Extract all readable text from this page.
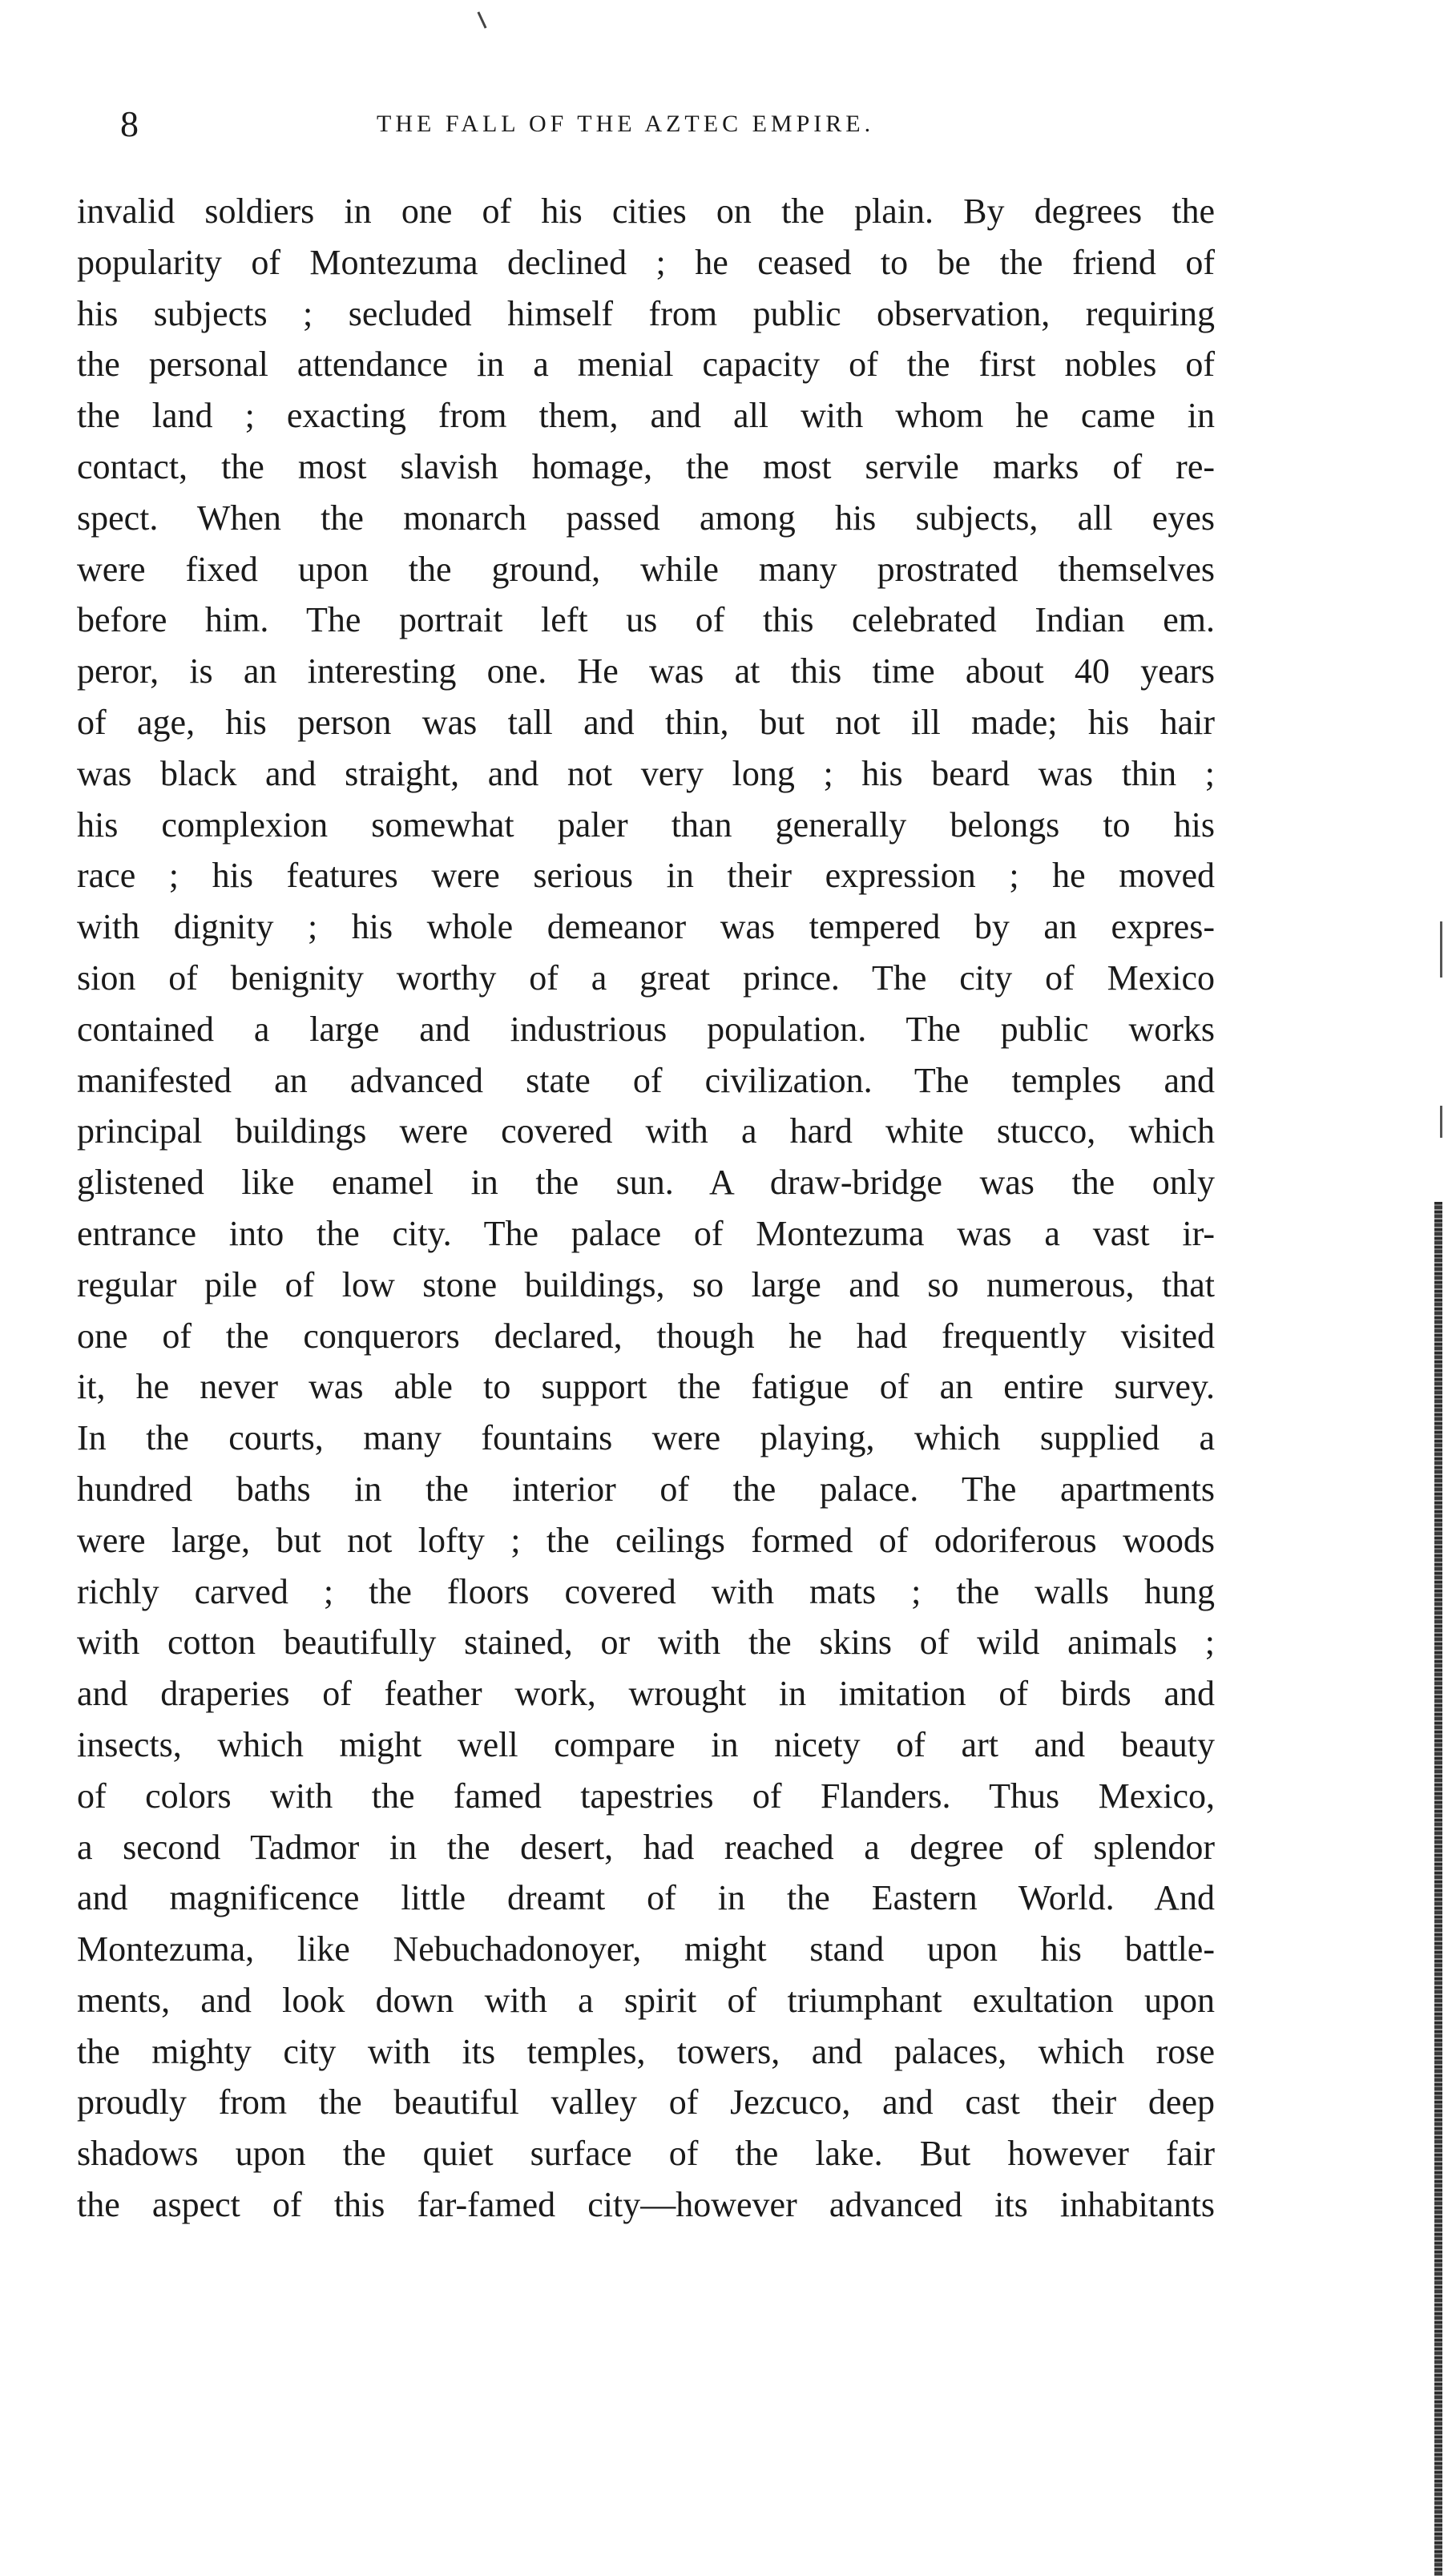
8	THE FALL OF THE AZTEC EMPIRE.
invalid soldiers in one of his cities on the plain. By degrees the
popularity of Montezuma declined ; he ceased to be the friend of
his subjects ; secluded himself from public observation, requiring
the personal attendance in a menial capacity of the first nobles of
the land ; exacting from them, and all with whom he came in
contact, the most slavish homage, the most servile marks of re-
spect. When the monarch passed among his subjects, all eyes
were fixed upon the ground, while many prostrated themselves
before him. The portrait left us of this celebrated Indian em.
peror, is an interesting one. He was at this time about 40 years
of age, his person was tall and thin, but not ill made; his hair
was black and straight, and not very long ; his beard was thin ;
his complexion somewhat paler than generally belongs to his
race ; his features were serious in their expression ; he moved
with dignity ; his whole demeanor was tempered by an expres-
sion of benignity worthy of a great prince. The city of Mexico
contained a large and industrious population. The public works
manifested an advanced state of civilization. The temples and
principal buildings were covered with a hard white stucco, which
glistened like enamel in the sun. A draw-bridge was the only
entrance into the city. The palace of Montezuma was a vast ir-
regular pile of low stone buildings, so large and so numerous, that
one of the conquerors declared, though he had frequently visited
it, he never was able to support the fatigue of an entire survey.
In the courts, many fountains were playing, which supplied a
hundred baths in the interior of the palace. The apartments
were large, but not lofty ; the ceilings formed of odoriferous woods
richly carved ; the floors covered with mats ; the walls hung
with cotton beautifully stained, or with the skins of wild animals ;
and draperies of feather work, wrought in imitation of birds and
insects, which might well compare in nicety of art and beauty
of colors with the famed tapestries of Flanders. Thus Mexico,
a second Tadmor in the desert, had reached a degree of splendor
and magnificence little dreamt of in the Eastern World. And
Montezuma, like Nebuchadonoyer, might stand upon his battle-
ments, and look down with a spirit of triumphant exultation upon
the mighty city with its temples, towers, and palaces, which rose
proudly from the beautiful valley of Jezcuco, and cast their deep
shadows upon the quiet surface of the lake. But however fair
the aspect of this far-famed city—however advanced its inhabitants
